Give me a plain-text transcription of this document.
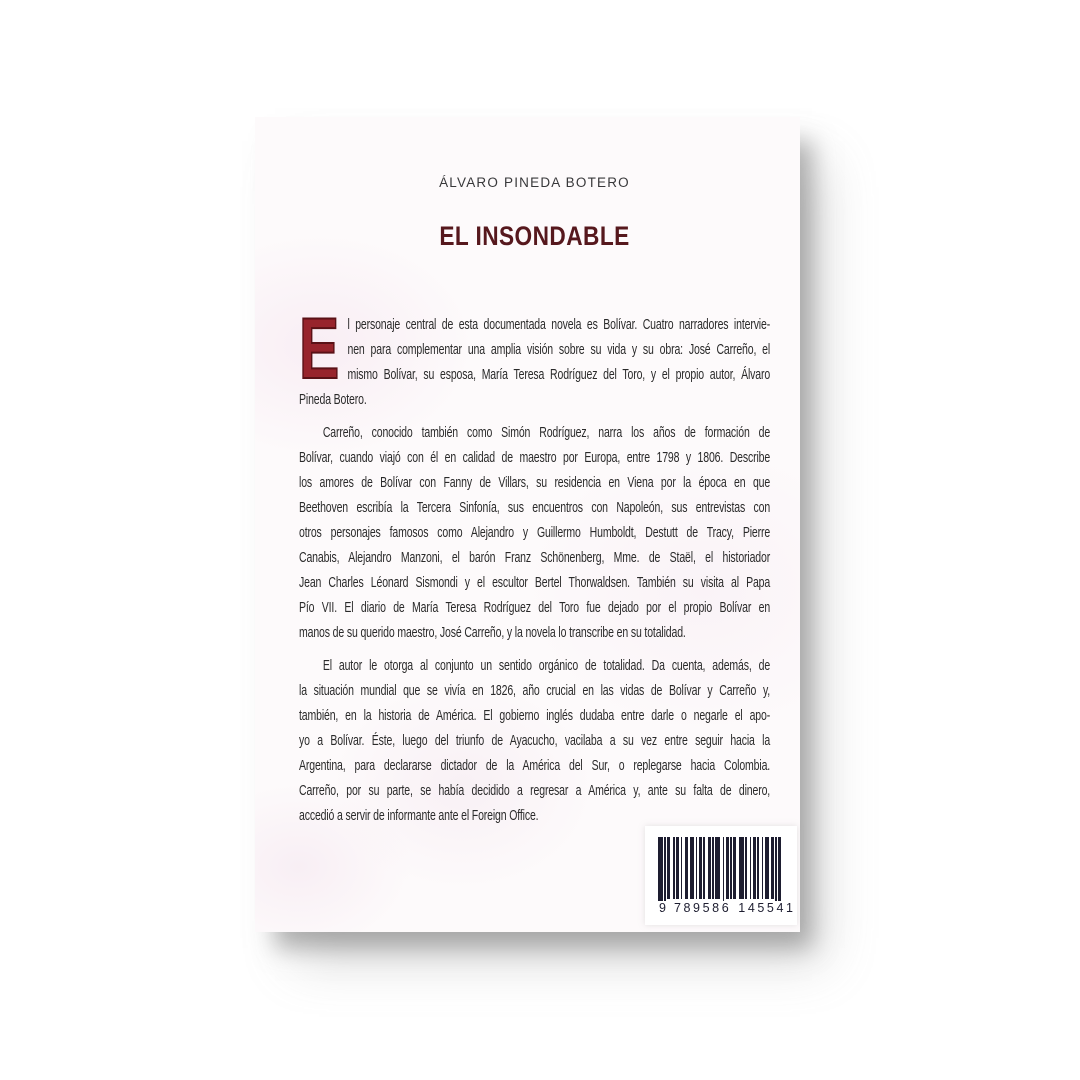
ÁLVARO PINEDA BOTERO
EL INSONDABLE
E l personaje central de esta documentada novela es Bolívar. Cuatro narradores intervie-
nen para complementar una amplia visión sobre su vida y su obra: José Carreño, el
mismo Bolívar, su esposa, María Teresa Rodríguez del Toro, y el propio autor, Álvaro
Pineda Botero.
Carreño, conocido también como Simón Rodríguez, narra los años de formación de
Bolívar, cuando viajó con él en calidad de maestro por Europa, entre 1798 y 1806. Describe
los amores de Bolívar con Fanny de Villars, su residencia en Viena por la época en que
Beethoven escribía la Tercera Sinfonía, sus encuentros con Napoleón, sus entrevistas con
otros personajes famosos como Alejandro y Guillermo Humboldt, Destutt de Tracy, Pierre
Canabis, Alejandro Manzoni, el barón Franz Schönenberg, Mme. de Staël, el historiador
Jean Charles Léonard Sismondi y el escultor Bertel Thorwaldsen. También su visita al Papa
Pío VII. El diario de María Teresa Rodríguez del Toro fue dejado por el propio Bolívar en
manos de su querido maestro, José Carreño, y la novela lo transcribe en su totalidad.
El autor le otorga al conjunto un sentido orgánico de totalidad. Da cuenta, además, de
la situación mundial que se vivía en 1826, año crucial en las vidas de Bolívar y Carreño y,
también, en la historia de América. El gobierno inglés dudaba entre darle o negarle el apo-
yo a Bolívar. Éste, luego del triunfo de Ayacucho, vacilaba a su vez entre seguir hacia la
Argentina, para declararse dictador de la América del Sur, o replegarse hacia Colombia.
Carreño, por su parte, se había decidido a regresar a América y, ante su falta de dinero,
accedió a servir de informante ante el Foreign Office.
9 789586 145541
